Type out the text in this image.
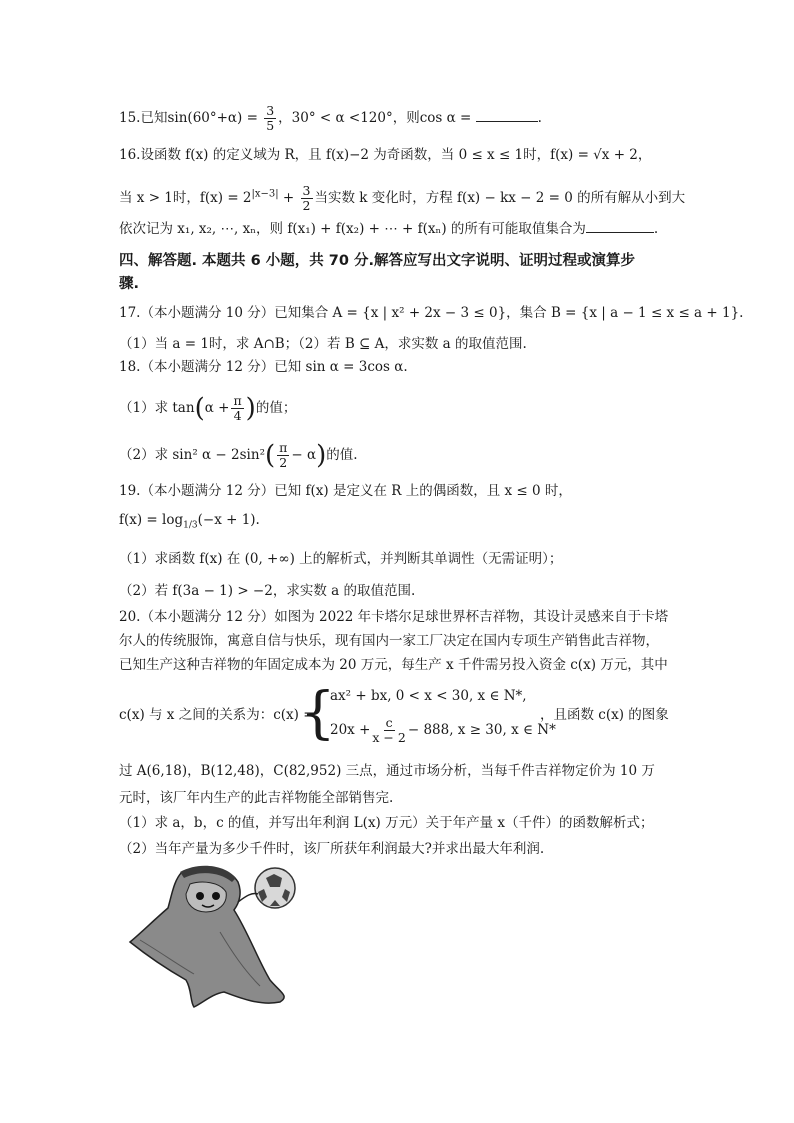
15.已知$\sin(60^\circ+\alpha) = \frac{3}{5}$ ，30° < α <120°，则cos α =	.
16.设函数 f(x) 的定义域为 R，且 f(x)−2 为奇函数，当 0 ≤ x ≤ 1时，f(x) = √x + 2，
当 x > 1时，$f(x) = 2^{|x-3|} + \frac{3}{2}$ 当实数 k 变化时，方程 f(x) − kx − 2 = 0 的所有解从小到大
依次记为 x₁, x₂, ⋯, xₙ，则 f(x₁) + f(x₂) + ⋯ + f(xₙ) 的所有可能取值集合为	.
四、解答题. 本题共 6 小题，共 70 分.解答应写出文字说明、证明过程或演算步
骤.
17.（本小题满分 10 分）已知集合 A = {x | x² + 2x − 3 ≤ 0}，集合 B = {x | a − 1 ≤ x ≤ a + 1}.
（1）当 a = 1时，求 A∩B；（2）若 B ⊆ A，求实数 a 的取值范围.
18.（本小题满分 12 分）已知 sin α = 3cos α.
（1）求 $\tan(\alpha + \frac{\pi}{4}$ )的值；
（2）求 sin² $\alpha - 2\sin^2( \frac{\pi}{2} - \alpha)$的值.
19.（本小题满分 12 分）已知 f(x) 是定义在 R 上的偶函数，且 x ≤ 0 时，
$f(x) = \log_{1/3}(-x + 1)$.
（1）求函数 f(x) 在 (0, +∞) 上的解析式，并判断其单调性（无需证明）；
（2）若 f(3a − 1) > −2，求实数 a 的取值范围.
20.（本小题满分 12 分）如图为 2022 年卡塔尔足球世界杯吉祥物，其设计灵感来自于卡塔
尔人的传统服饰，寓意自信与快乐，现有国内一家工厂决定在国内专项生产销售此吉祥物，
已知生产这种吉祥物的年固定成本为 20 万元，每生产 x 千件需另投入资金 c(x) 万元，其中
c(x) 与 x 之间的关系为：c(x) =
{
ax² + bx, 0 < x < 30, x ∈ N*,
$20x + \frac{c}{x - 2} - 888$, x ≥ 30, x ∈ N*
，且函数 c(x) 的图象
过 A(6,18)，B(12,48)，C(82,952) 三点，通过市场分析，当每千件吉祥物定价为 10 万
元时，该厂年内生产的此吉祥物能全部销售完.
（1）求 a，b，c 的值，并写出年利润 L(x) 万元）关于年产量 x（千件）的函数解析式；
（2）当年产量为多少千件时，该厂所获年利润最大?并求出最大年利润.
